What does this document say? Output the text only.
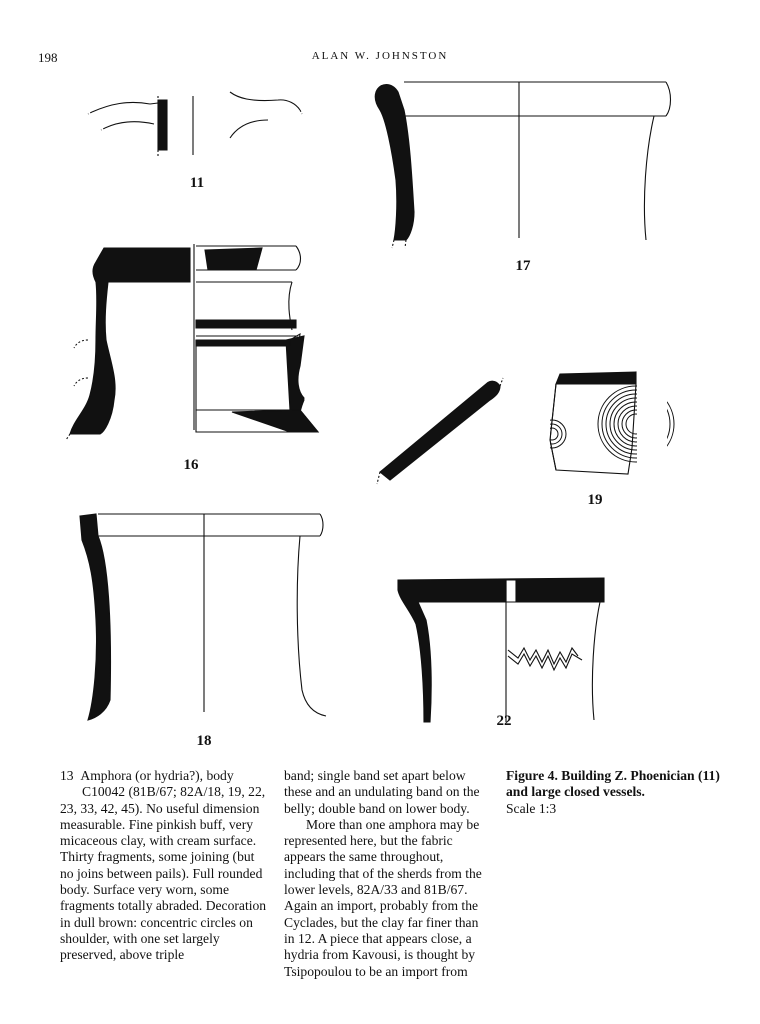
198	ALAN W. JOHNSTON
11
17
16
19
22
18

13 Amphora (or hydria?), body

C10042 (81B/67; 82A/18, 19, 22, 23, 33, 42, 45). No useful dimension measurable. Fine pinkish buff, very micaceous clay, with cream surface. Thirty fragments, some joining (but no joins between pails). Full rounded body. Surface very worn, some fragments totally abraded. Decoration in dull brown: concentric circles on shoulder, with one set largely preserved, above triple

band; single band set apart below these and an undulating band on the belly; double band on lower body.

More than one amphora may be represented here, but the fabric appears the same throughout, including that of the sherds from the lower levels, 82A/33 and 81B/67. Again an import, probably from the Cyclades, but the clay far finer than in 12. A piece that appears close, a hydria from Kavousi, is thought by Tsipopoulou to be an import from

Figure 4. Building Z. Phoenician (11) and large closed vessels.
Scale 1:3
